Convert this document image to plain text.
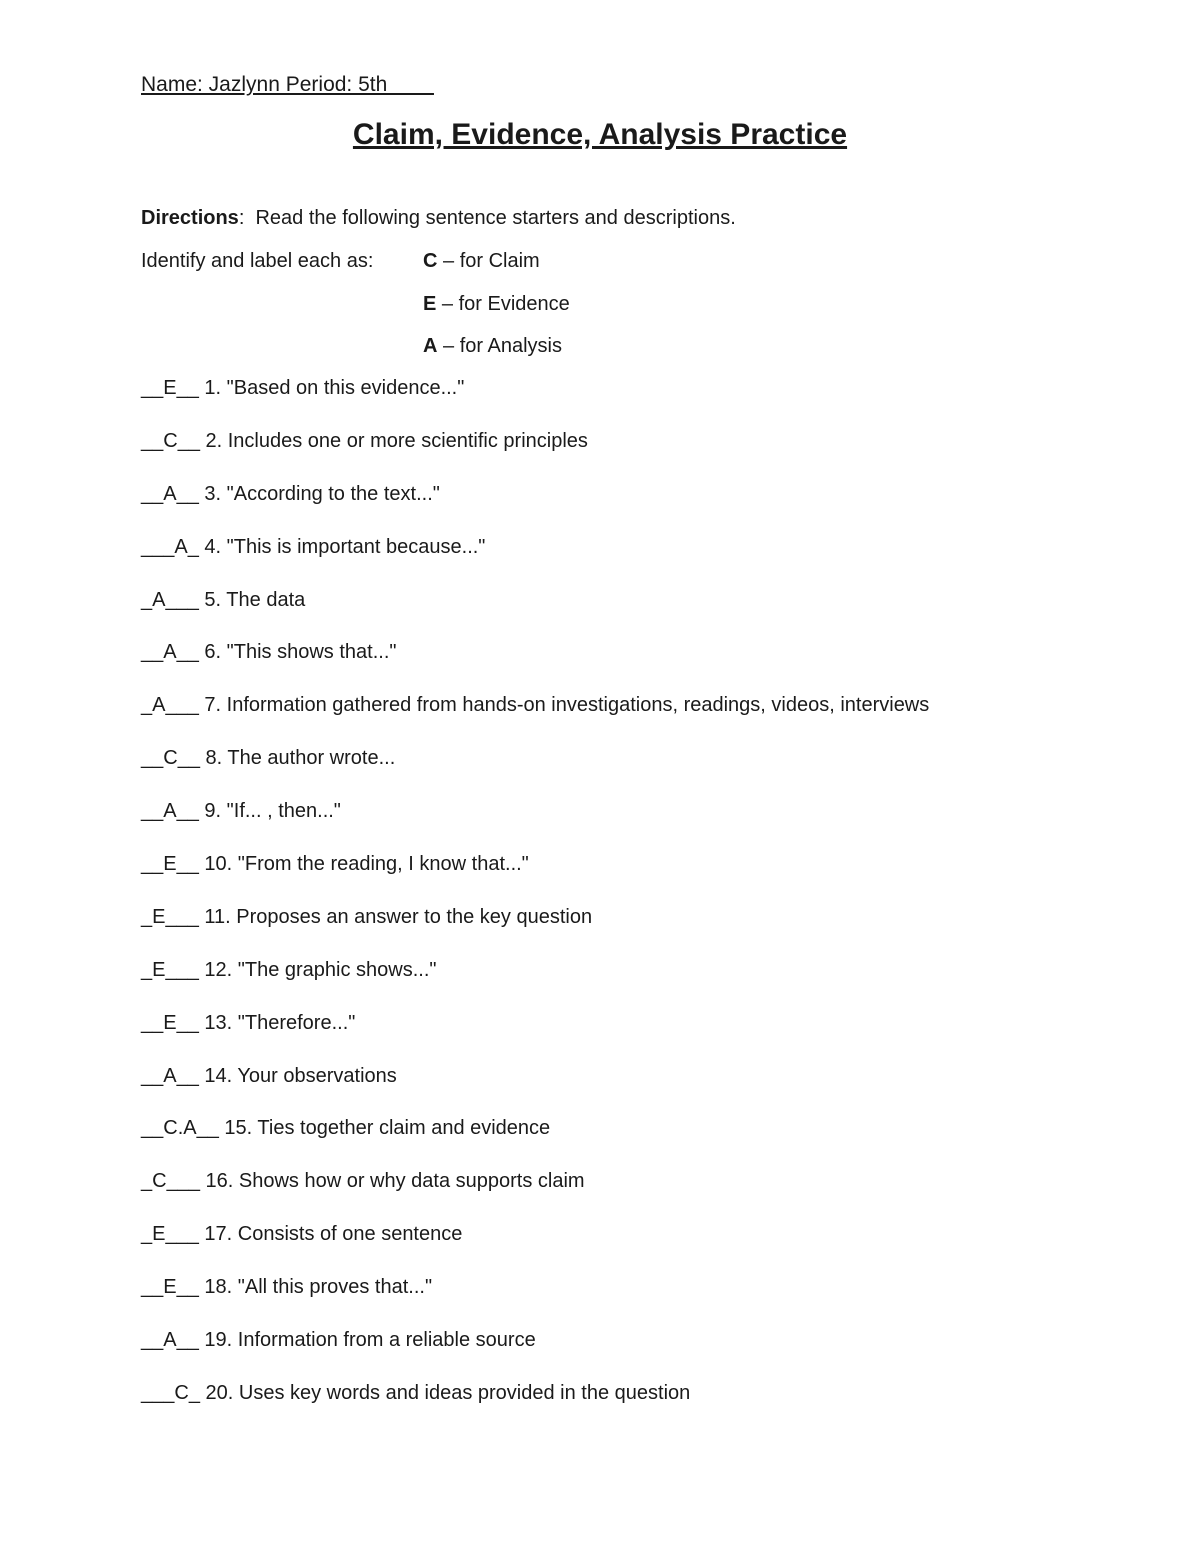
Name: Jazlynn Period: 5th
Claim, Evidence, Analysis Practice
Directions:  Read the following sentence starters and descriptions.
Identify and label each as: C – for Claim
E – for Evidence
A – for Analysis
__E__ 1. "Based on this evidence..."
__C__ 2. Includes one or more scientific principles
__A__ 3. "According to the text..."
___A_ 4. "This is important because..."
_A___ 5. The data
__A__ 6. "This shows that..."
_A___ 7. Information gathered from hands-on investigations, readings, videos, interviews
__C__ 8. The author wrote...
__A__ 9. "If... , then..."
__E__ 10. "From the reading, I know that..."
_E___ 11. Proposes an answer to the key question
_E___ 12. "The graphic shows..."
__E__ 13. "Therefore..."
__A__ 14. Your observations
__C.A__ 15. Ties together claim and evidence
_C___ 16. Shows how or why data supports claim
_E___ 17. Consists of one sentence
__E__ 18. "All this proves that..."
__A__ 19. Information from a reliable source
___C_ 20. Uses key words and ideas provided in the question
